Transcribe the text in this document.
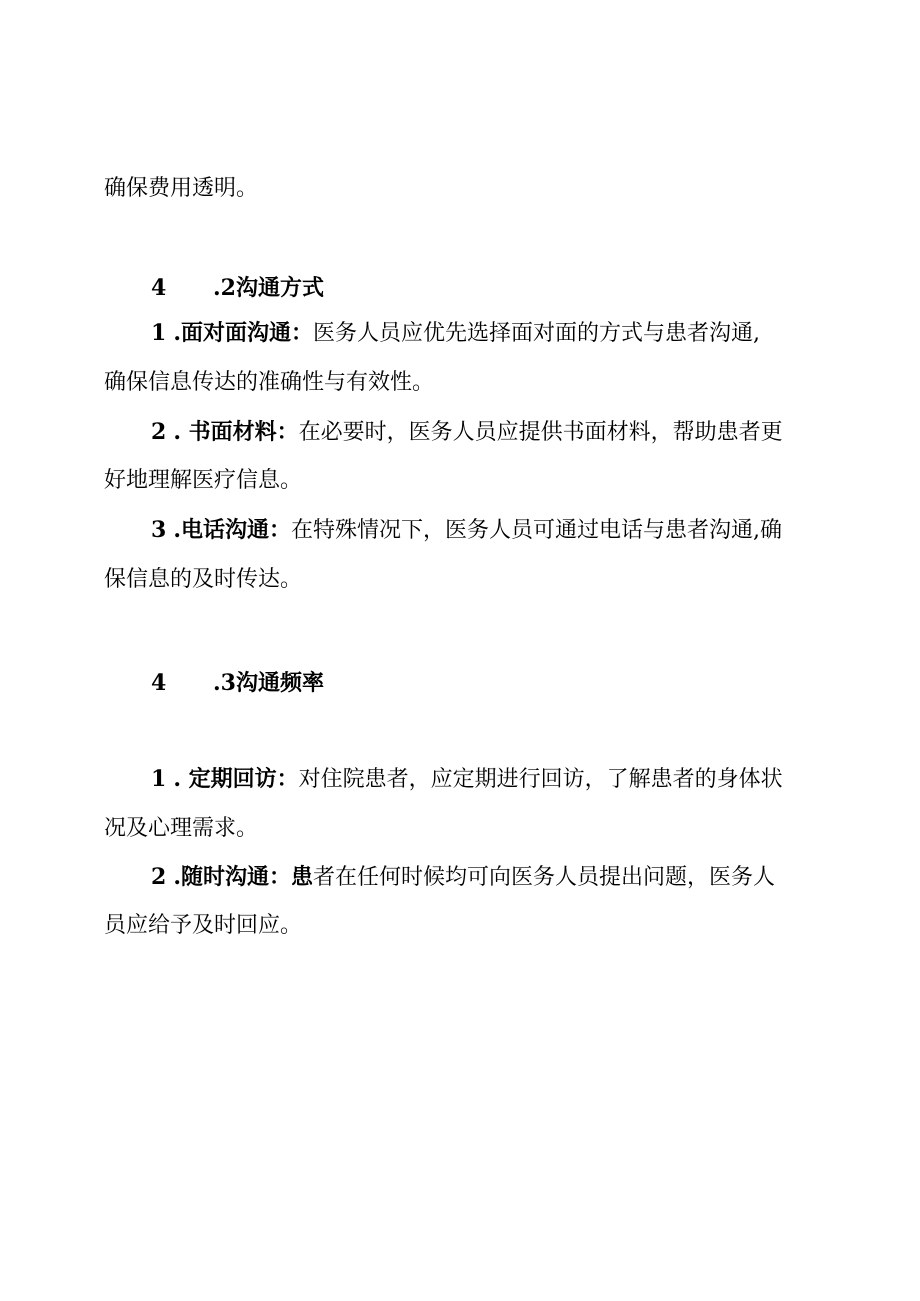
确保费用透明。
4 .2沟通方式
1 .面对面沟通：医务人员应优先选择面对面的方式与患者沟通,
确保信息传达的准确性与有效性。
2 . 书面材料：在必要时，医务人员应提供书面材料，帮助患者更
好地理解医疗信息。
3 .电话沟通：在特殊情况下，医务人员可通过电话与患者沟通,确
保信息的及时传达。
4 .3沟通频率
1 . 定期回访：对住院患者，应定期进行回访，了解患者的身体状
况及心理需求。
2 .随时沟通：患者在任何时候均可向医务人员提出问题，医务人
员应给予及时回应。
